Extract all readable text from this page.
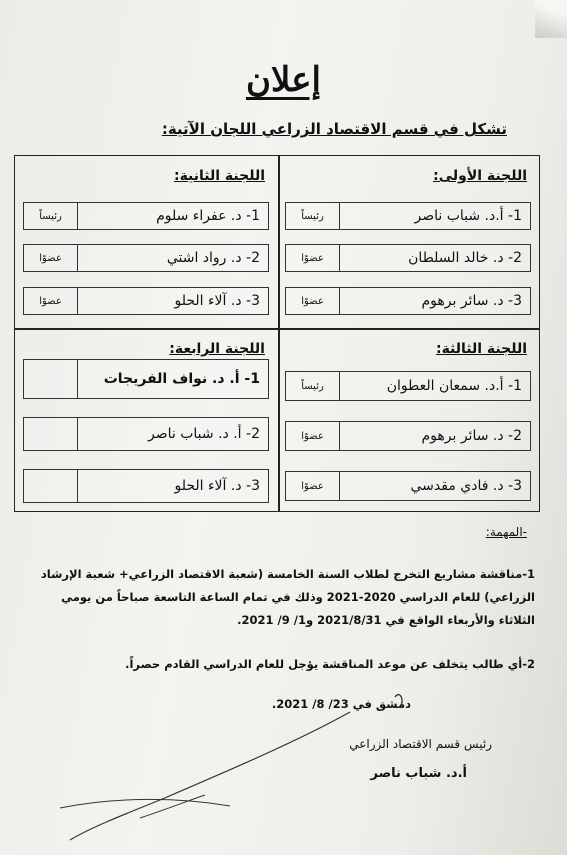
إعلان
تشكل في قسم الاقتصاد الزراعي اللجان الآتية:
اللجنة الأولى:
1- أ.د. شباب ناصر
رئيساً
2- د. خالد السلطان
عضوًا
3- د. سائر برهوم
عضوًا
اللجنة الثانية:
1- د. عفراء سلوم
رئيساً
2- د. رواد اشتي
عضوًا
3- د. آلاء الحلو
عضوًا
اللجنة الثالثة:
1- أ.د. سمعان العطوان
رئيساً
2- د. سائر برهوم
عضوًا
3- د. فادي مقدسي
عضوًا
اللجنة الرابعة:
1- أ. د. نواف الفريجات
2- أ. د. شباب ناصر
3- د. آلاء الحلو
-المهمة:
1-مناقشة مشاريع التخرج لطلاب السنة الخامسة (شعبة الاقتصاد الزراعي+ شعبة الإرشاد الزراعي) للعام الدراسي 2020-2021 وذلك في تمام الساعة التاسعة صباحاً من يومي الثلاثاء والأربعاء الواقع في 2021/8/31 و1/ 9/ 2021.
2-أي طالب يتخلف عن موعد المناقشة يؤجل للعام الدراسي القادم حصراً.
دمشق في 23/ 8/ 2021.
رئيس قسم الاقتصاد الزراعي
أ.د. شباب ناصر
